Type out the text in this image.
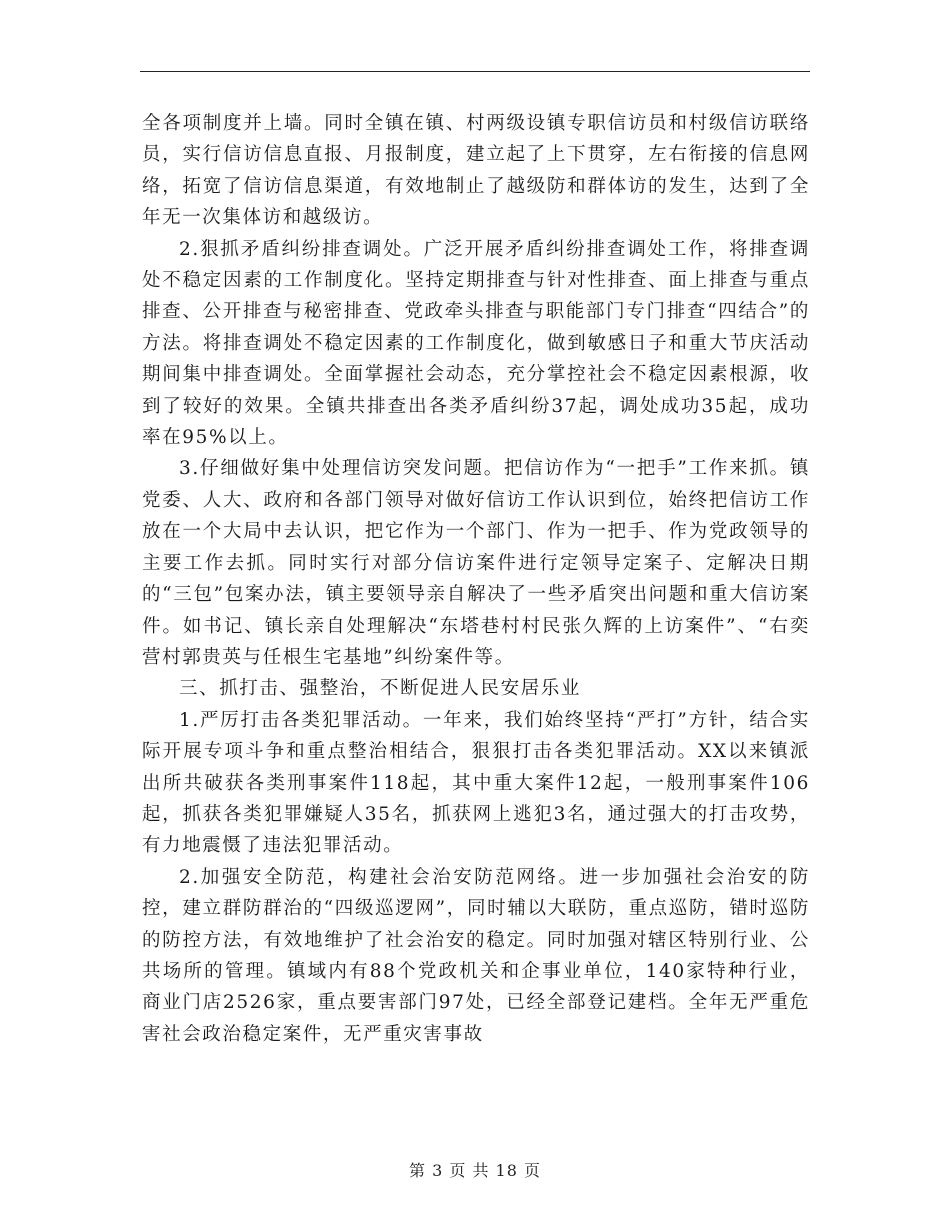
全各项制度并上墙。同时全镇在镇、村两级设镇专职信访员和村级信访联络员，实行信访信息直报、月报制度，建立起了上下贯穿，左右衔接的信息网络，拓宽了信访信息渠道，有效地制止了越级防和群体访的发生，达到了全年无一次集体访和越级访。

2.狠抓矛盾纠纷排查调处。广泛开展矛盾纠纷排查调处工作，将排查调处不稳定因素的工作制度化。坚持定期排查与针对性排查、面上排查与重点排查、公开排查与秘密排查、党政牵头排查与职能部门专门排查“四结合”的方法。将排查调处不稳定因素的工作制度化，做到敏感日子和重大节庆活动期间集中排查调处。全面掌握社会动态，充分掌控社会不稳定因素根源，收到了较好的效果。全镇共排查出各类矛盾纠纷37起，调处成功35起，成功率在95%以上。

3.仔细做好集中处理信访突发问题。把信访作为“一把手”工作来抓。镇党委、人大、政府和各部门领导对做好信访工作认识到位，始终把信访工作放在一个大局中去认识，把它作为一个部门、作为一把手、作为党政领导的主要工作去抓。同时实行对部分信访案件进行定领导定案子、定解决日期的“三包”包案办法，镇主要领导亲自解决了一些矛盾突出问题和重大信访案件。如书记、镇长亲自处理解决“东塔巷村村民张久辉的上访案件”、“右奕营村郭贵英与任根生宅基地”纠纷案件等。

三、抓打击、强整治，不断促进人民安居乐业

1.严厉打击各类犯罪活动。一年来，我们始终坚持“严打”方针，结合实际开展专项斗争和重点整治相结合，狠狠打击各类犯罪活动。XX以来镇派出所共破获各类刑事案件118起，其中重大案件12起，一般刑事案件106起，抓获各类犯罪嫌疑人35名，抓获网上逃犯3名，通过强大的打击攻势，有力地震慑了违法犯罪活动。

2.加强安全防范，构建社会治安防范网络。进一步加强社会治安的防控，建立群防群治的“四级巡逻网”，同时辅以大联防，重点巡防，错时巡防的防控方法，有效地维护了社会治安的稳定。同时加强对辖区特别行业、公共场所的管理。镇域内有88个党政机关和企事业单位，140家特种行业，商业门店2526家，重点要害部门97处，已经全部登记建档。全年无严重危害社会政治稳定案件，无严重灾害事故

第 3 页 共 18 页
